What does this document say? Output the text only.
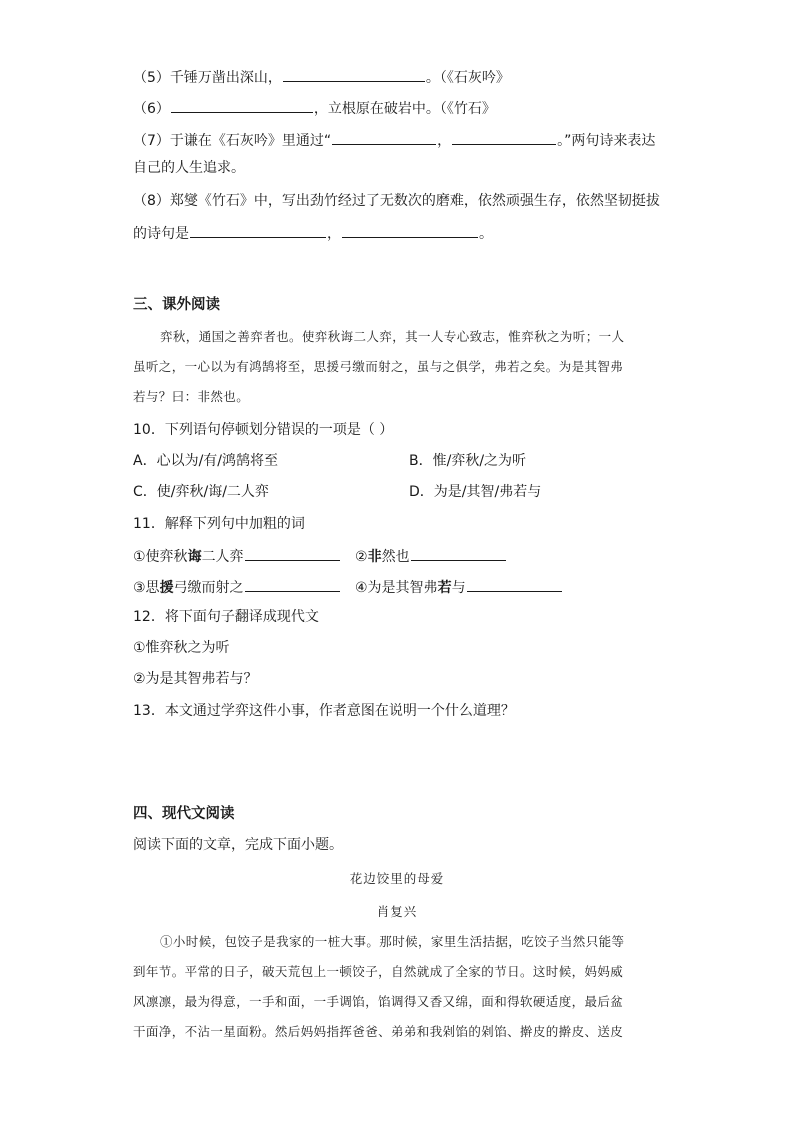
（5）千锤万凿出深山，	。（《石灰吟》
（6）	，立根原在破岩中。（《竹石》
（7）于谦在《石灰吟》里通过“	，	。”两句诗来表达
自己的人生追求。
（8）郑燮《竹石》中，写出劲竹经过了无数次的磨难，依然顽强生存，依然坚韧挺拔
的诗句是	，	。
三、课外阅读
弈秋，通国之善弈者也。使弈秋诲二人弈，其一人专心致志，惟弈秋之为听；一人
虽听之，一心以为有鸿鹄将至，思援弓缴而射之，虽与之俱学，弗若之矣。为是其智弗
若与？曰：非然也。
10．下列语句停顿划分错误的一项是（ ）
A．心以为/有/鸿鹄将至	B．惟/弈秋/之为听
C．使/弈秋/诲/二人弈	D．为是/其智/弗若与
11．解释下列句中加粗的词
①使弈秋诲二人弈	②非然也
③思援弓缴而射之	④为是其智弗若与
12．将下面句子翻译成现代文
①惟弈秋之为听
②为是其智弗若与？
13．本文通过学弈这件小事，作者意图在说明一个什么道理？
四、现代文阅读
阅读下面的文章，完成下面小题。
花边饺里的母爱
肖复兴
①小时候，包饺子是我家的一桩大事。那时候，家里生活拮据，吃饺子当然只能等
到年节。平常的日子，破天荒包上一顿饺子，自然就成了全家的节日。这时候，妈妈威
风凛凛，最为得意，一手和面，一手调馅，馅调得又香又绵，面和得软硬适度，最后盆
干面净，不沾一星面粉。然后妈妈指挥爸爸、弟弟和我剁馅的剁馅、擀皮的擀皮、送皮
